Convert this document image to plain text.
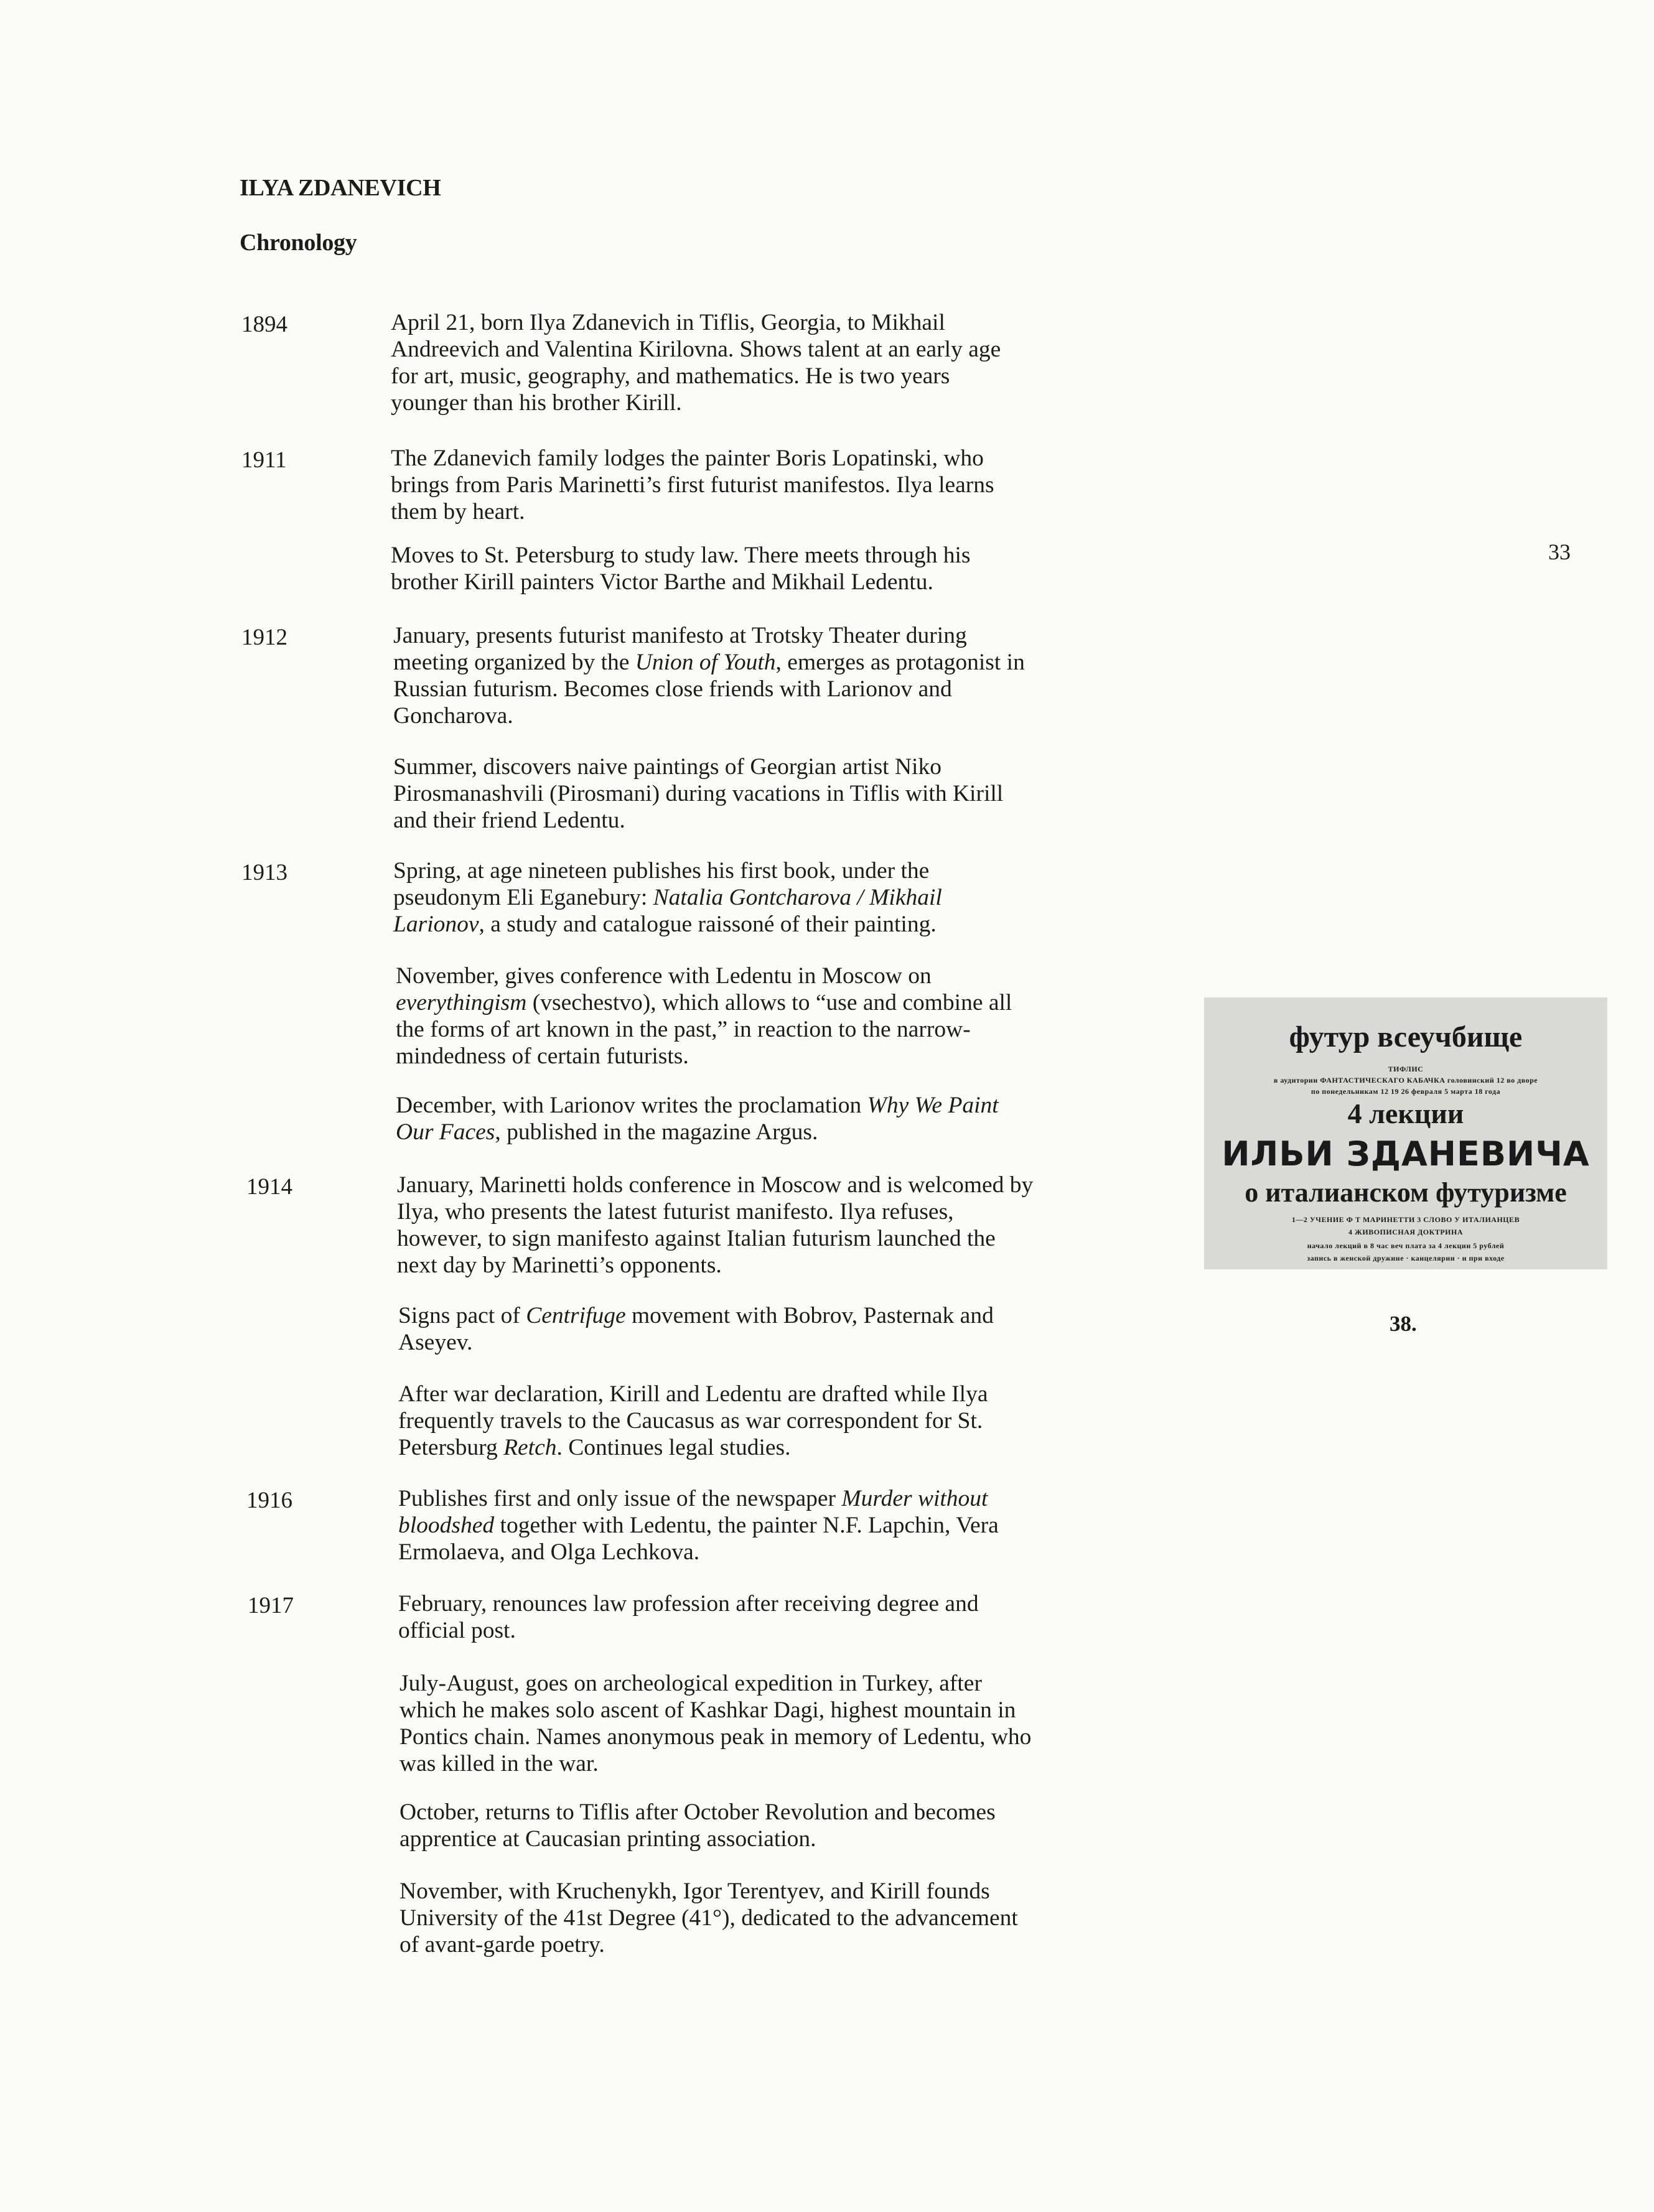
ILYA ZDANEVICH
Chronology
1894	April 21, born Ilya Zdanevich in Tiflis, Georgia, to Mikhail
Andreevich and Valentina Kirilovna. Shows talent at an early age
for art, music, geography, and mathematics. He is two years
younger than his brother Kirill.

1911	The Zdanevich family lodges the painter Boris Lopatinski, who
brings from Paris Marinetti’s first futurist manifestos. Ilya learns
them by heart.

Moves to St. Petersburg to study law. There meets through his
brother Kirill painters Victor Barthe and Mikhail Ledentu.

1912	January, presents futurist manifesto at Trotsky Theater during
meeting organized by the Union of Youth, emerges as protagonist in
Russian futurism. Becomes close friends with Larionov and
Goncharova.

Summer, discovers naive paintings of Georgian artist Niko
Pirosmanashvili (Pirosmani) during vacations in Tiflis with Kirill
and their friend Ledentu.

1913	Spring, at age nineteen publishes his first book, under the
pseudonym Eli Eganebury: Natalia Gontcharova / Mikhail
Larionov, a study and catalogue raissoné of their painting.

November, gives conference with Ledentu in Moscow on
everythingism (vsechestvo), which allows to “use and combine all
the forms of art known in the past,” in reaction to the narrow-
mindedness of certain futurists.

December, with Larionov writes the proclamation Why We Paint
Our Faces, published in the magazine Argus.

1914	January, Marinetti holds conference in Moscow and is welcomed by
Ilya, who presents the latest futurist manifesto. Ilya refuses,
however, to sign manifesto against Italian futurism launched the
next day by Marinetti’s opponents.

Signs pact of Centrifuge movement with Bobrov, Pasternak and
Aseyev.

After war declaration, Kirill and Ledentu are drafted while Ilya
frequently travels to the Caucasus as war correspondent for St.
Petersburg Retch. Continues legal studies.

1916	Publishes first and only issue of the newspaper Murder without
bloodshed together with Ledentu, the painter N.F. Lapchin, Vera
Ermolaeva, and Olga Lechkova.

1917	February, renounces law profession after receiving degree and
official post.

July-August, goes on archeological expedition in Turkey, after
which he makes solo ascent of Kashkar Dagi, highest mountain in
Pontics chain. Names anonymous peak in memory of Ledentu, who
was killed in the war.

October, returns to Tiflis after October Revolution and becomes
apprentice at Caucasian printing association.

November, with Kruchenykh, Igor Terentyev, and Kirill founds
University of the 41st Degree (41°), dedicated to the advancement
of avant-garde poetry.

33
футур всеучбище
ТИФЛИС
в аудитории ФАНТАСТИЧЕСКАГО КАБАЧКА головинский 12 во дворе
по понедельникам 12 19 26 февраля 5 марта 18 года
4 лекции
ИЛЬИ ЗДАНЕВИЧА
о италианском футуризме
1—2 УЧЕНИЕ Ф Т МАРИНЕТТИ 3 СЛОВО У ИТАЛИАНЦЕВ
4 ЖИВОПИСНАЯ ДОКТРИНА
начало лекций в 8 час веч плата за 4 лекции 5 рублей
запись в женской дружине · канцелярии · и при входе
38.
